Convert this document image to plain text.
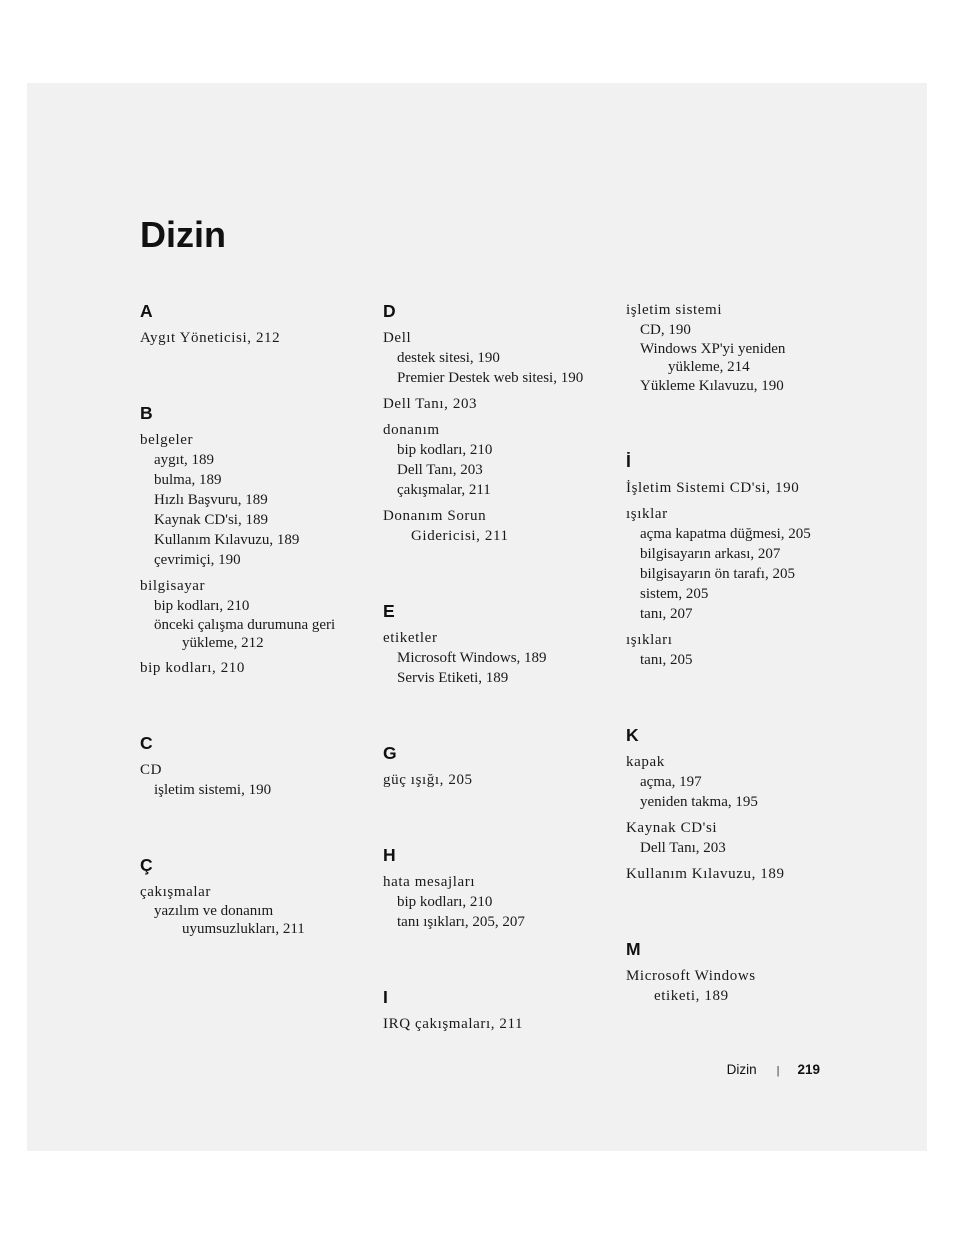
Dizin
A
Aygıt Yöneticisi, 212
B
belgeler
aygıt, 189
bulma, 189
Hızlı Başvuru, 189
Kaynak CD'si, 189
Kullanım Kılavuzu, 189
çevrimiçi, 190
bilgisayar
bip kodları, 210
önceki çalışma durumuna geri
yükleme, 212
bip kodları, 210
C
CD
işletim sistemi, 190
Ç
çakışmalar
yazılım ve donanım
uyumsuzlukları, 211
D
Dell
destek sitesi, 190
Premier Destek web sitesi, 190
Dell Tanı, 203
donanım
bip kodları, 210
Dell Tanı, 203
çakışmalar, 211
Donanım Sorun
Gidericisi, 211
E
etiketler
Microsoft Windows, 189
Servis Etiketi, 189
G
güç ışığı, 205
H
hata mesajları
bip kodları, 210
tanı ışıkları, 205, 207
I
IRQ çakışmaları, 211
işletim sistemi
CD, 190
Windows XP'yi yeniden
yükleme, 214
Yükleme Kılavuzu, 190
İ
İşletim Sistemi CD'si, 190
ışıklar
açma kapatma düğmesi, 205
bilgisayarın arkası, 207
bilgisayarın ön tarafı, 205
sistem, 205
tanı, 207
ışıkları
tanı, 205
K
kapak
açma, 197
yeniden takma, 195
Kaynak CD'si
Dell Tanı, 203
Kullanım Kılavuzu, 189
M
Microsoft Windows
etiketi, 189
Dizin | 219
